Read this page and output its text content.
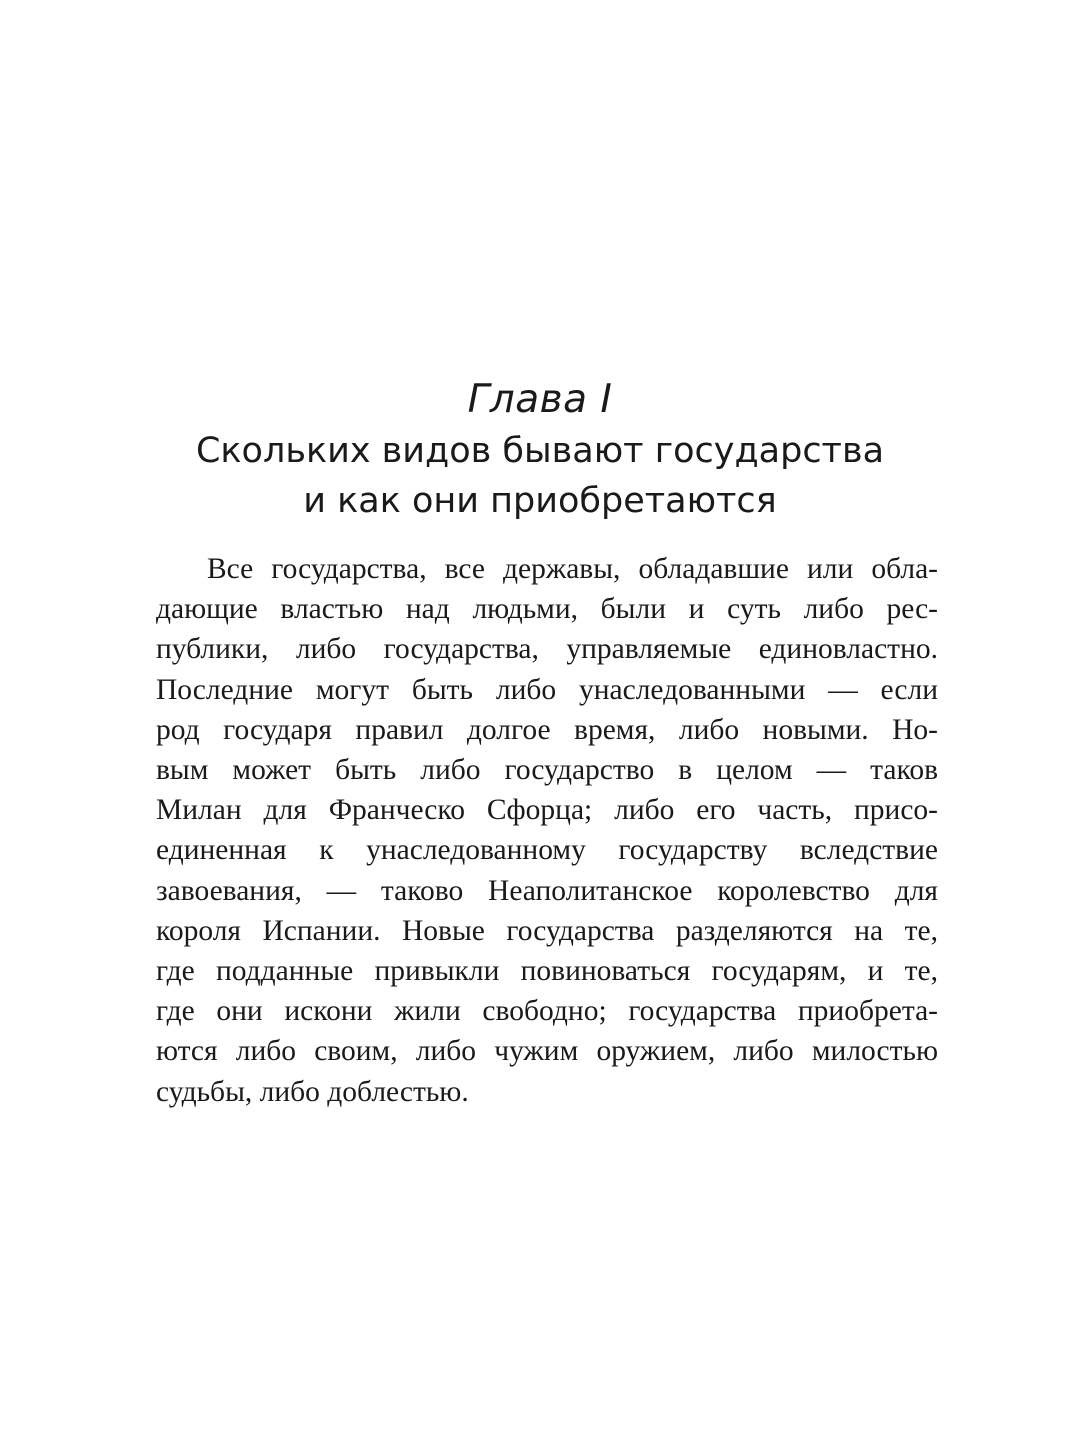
Глава I
Скольких видов бывают государства
и как они приобретаются
Все государства, все державы, обладавшие или обла-
дающие властью над людьми, были и суть либо рес-
публики, либо государства, управляемые единовластно.
Последние могут быть либо унаследованными — если
род государя правил долгое время, либо новыми. Но-
вым может быть либо государство в целом — таков
Милан для Франческо Сфорца; либо его часть, присо-
единенная к унаследованному государству вследствие
завоевания, — таково Неаполитанское королевство для
короля Испании. Новые государства разделяются на те,
где подданные привыкли повиноваться государям, и те,
где они искони жили свободно; государства приобрета-
ются либо своим, либо чужим оружием, либо милостью
судьбы, либо доблестью.
